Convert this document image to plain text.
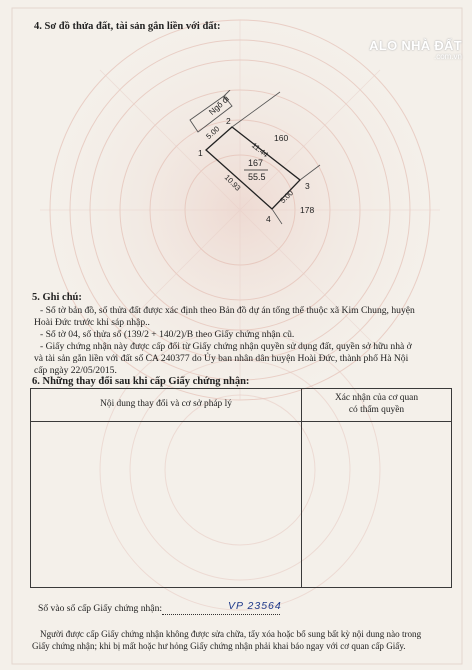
ALO NHÀ ĐẤT
.com.vn
4. Sơ đồ thửa đất, tài sản gắn liền với đất:
Ngõ đi
2
1
3
4
11.44
5.00
10.93
5.00
167
55.5
160
178
5. Ghi chú:
- Số tờ bản đồ, số thửa đất được xác định theo Bản đồ dự án tổng thể thuộc xã Kim Chung, huyện
Hoài Đức trước khi sáp nhập..
- Số tờ 04, số thửa số (139/2 + 140/2)/B theo Giấy chứng nhận cũ.
- Giấy chứng nhận này được cấp đổi từ Giấy chứng nhận quyền sử dụng đất, quyền sở hữu nhà ở
và tài sản gắn liền với đất số CA 240377 do Ủy ban nhân dân huyện Hoài Đức, thành phố Hà Nội
cấp ngày 22/05/2015.
6. Những thay đổi sau khi cấp Giấy chứng nhận:
Nội dung thay đổi và cơ sở pháp lý
Xác nhận của cơ quan
có thẩm quyền
Số vào sổ cấp Giấy chứng nhận:	VP 23564
Người được cấp Giấy chứng nhận không được sửa chữa, tẩy xóa hoặc bổ sung bất kỳ nội dung nào trong
Giấy chứng nhận; khi bị mất hoặc hư hỏng Giấy chứng nhận phải khai báo ngay với cơ quan cấp Giấy.
